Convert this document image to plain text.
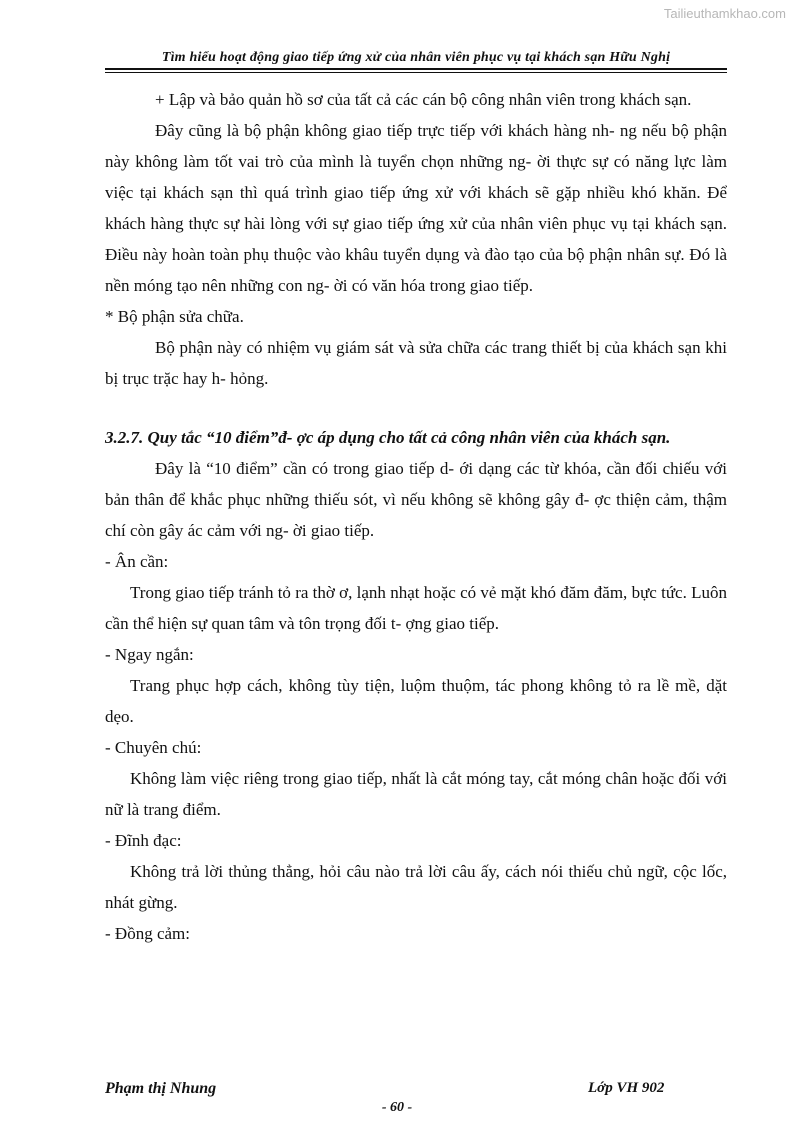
Tailieuthamkhao.com
Tìm hiểu hoạt động giao tiếp ứng xử của nhân viên phục vụ tại khách sạn Hữu Nghị

+ Lập và bảo quản hồ sơ của tất cả các cán bộ công nhân viên trong khách sạn.

Đây cũng là bộ phận không giao tiếp trực tiếp với khách hàng nh- ng nếu bộ phận này không làm tốt vai trò của mình là tuyển chọn những ng- ời thực sự có năng lực làm việc tại khách sạn thì quá trình giao tiếp ứng xử với khách sẽ gặp nhiều khó khăn. Để khách hàng thực sự hài lòng với sự giao tiếp ứng xử của nhân viên phục vụ tại khách sạn. Điều này hoàn toàn phụ thuộc vào khâu tuyển dụng và đào tạo của bộ phận nhân sự. Đó là nền móng tạo nên những con ng- ời có văn hóa trong giao tiếp.

* Bộ phận sửa chữa.

Bộ phận này có nhiệm vụ giám sát và sửa chữa các trang thiết bị của khách sạn khi bị trục trặc hay h- hỏng.

3.2.7. Quy tắc “10 điểm”đ- ợc áp dụng cho tất cả công nhân viên của khách sạn.

Đây là “10 điểm” cần có trong giao tiếp d- ới dạng các từ khóa, cần đối chiếu với bản thân để khắc phục những thiếu sót, vì nếu không sẽ không gây đ- ợc thiện cảm, thậm chí còn gây ác cảm với ng- ời giao tiếp.

- Ân cần:

Trong giao tiếp tránh tỏ ra thờ ơ, lạnh nhạt hoặc có vẻ mặt khó đăm đăm, bực tức. Luôn cần thể hiện sự quan tâm và tôn trọng đối t- ợng giao tiếp.

- Ngay ngắn:

Trang phục hợp cách, không tùy tiện, luộm thuộm, tác phong không tỏ ra lề mề, dặt dẹo.

- Chuyên chú:

Không làm việc riêng trong giao tiếp, nhất là cắt móng tay, cắt móng chân hoặc đối với nữ là trang điểm.

- Đĩnh đạc:

Không trả lời thủng thẳng, hỏi câu nào trả lời câu ấy, cách nói thiếu chủ ngữ, cộc lốc, nhát gừng.

- Đồng cảm:

Phạm thị Nhung	Lớp VH 902
- 60 -
